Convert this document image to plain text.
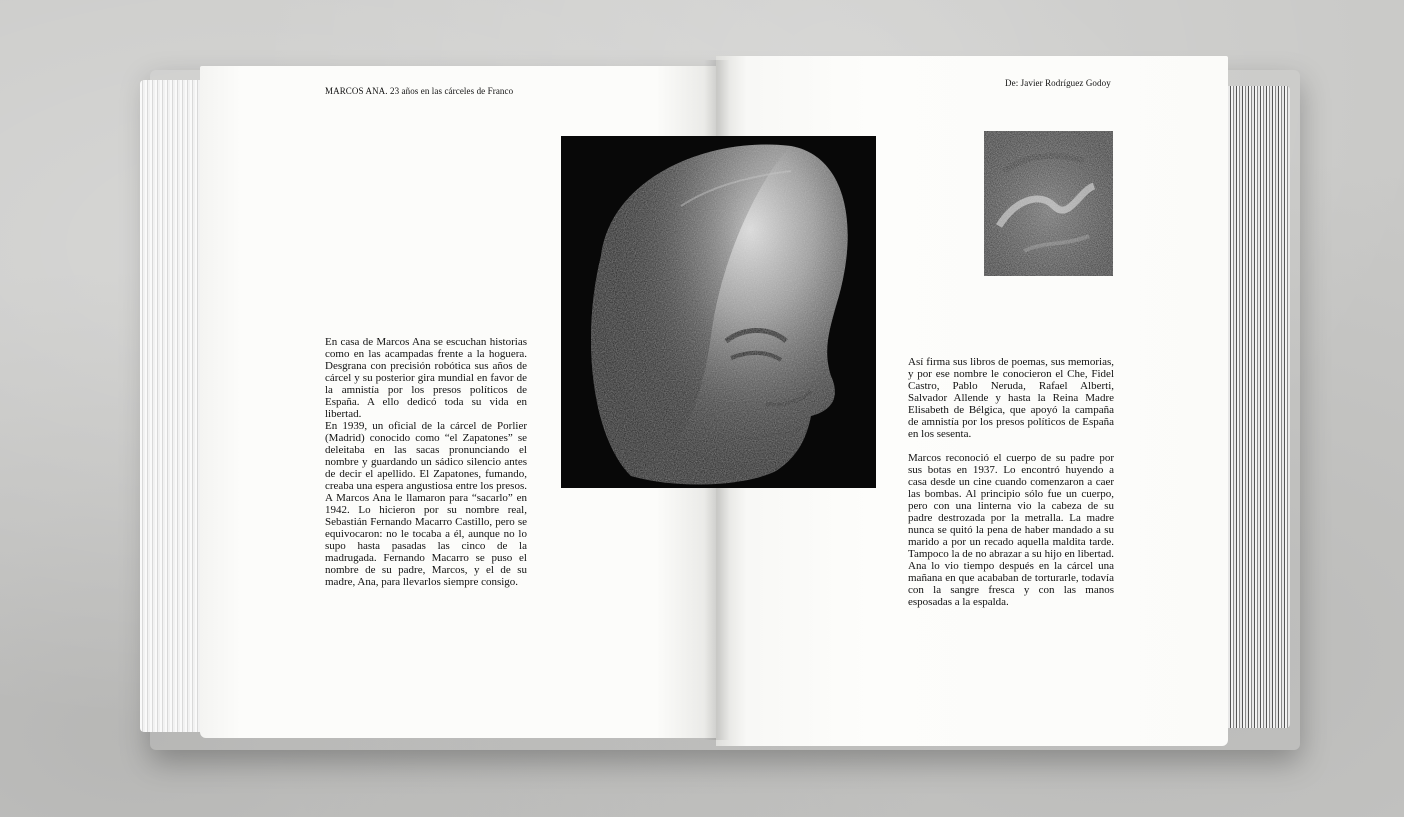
MARCOS ANA. 23 años en las cárceles de Franco
De: Javier Rodríguez Godoy

En casa de Marcos Ana se escuchan historias como en las acampadas frente a la hoguera. Desgrana con precisión robótica sus años de cárcel y su posterior gira mundial en favor de la amnistía por los presos políticos de España. A ello dedicó toda su vida en libertad.

En 1939, un oficial de la cárcel de Porlier (Madrid) conocido como “el Zapatones” se deleitaba en las sacas pronunciando el nombre y guardando un sádico silencio antes de decir el apellido. El Zapatones, fumando, creaba una espera angustiosa entre los presos. A Marcos Ana le llamaron para “sacarlo” en 1942. Lo hicieron por su nombre real, Sebastián Fernando Macarro Castillo, pero se equivocaron: no le tocaba a él, aunque no lo supo hasta pasadas las cinco de la madrugada. Fernando Macarro se puso el nombre de su padre, Marcos, y el de su madre, Ana, para llevarlos siempre consigo.

Así firma sus libros de poemas, sus memorias, y por ese nombre le conocieron el Che, Fidel Castro, Pablo Neruda, Rafael Alberti, Salvador Allende y hasta la Reina Madre Elisabeth de Bélgica, que apoyó la campaña de amnistía por los presos políticos de España en los sesenta.

Marcos reconoció el cuerpo de su padre por sus botas en 1937. Lo encontró huyendo a casa desde un cine cuando comenzaron a caer las bombas. Al principio sólo fue un cuerpo, pero con una linterna vio la cabeza de su padre destrozada por la metralla. La madre nunca se quitó la pena de haber mandado a su marido a por un recado aquella maldita tarde. Tampoco la de no abrazar a su hijo en libertad. Ana lo vio tiempo después en la cárcel una mañana en que acababan de torturarle, todavía con la sangre fresca y con las manos esposadas a la espalda.
